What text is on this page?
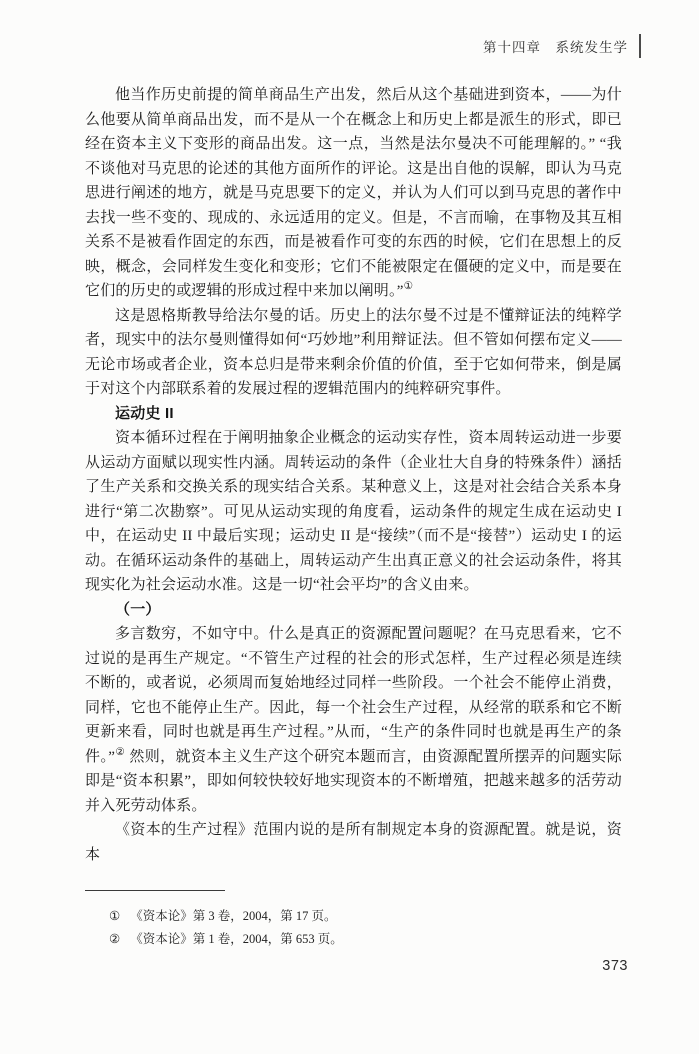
第十四章　系统发生学

他当作历史前提的简单商品生产出发，然后从这个基础进到资本，——为什么他要从简单商品出发，而不是从一个在概念上和历史上都是派生的形式，即已经在资本主义下变形的商品出发。这一点，当然是法尔曼决不可能理解的。” “我不谈他对马克思的论述的其他方面所作的评论。这是出自他的误解，即认为马克思进行阐述的地方，就是马克思要下的定义，并认为人们可以到马克思的著作中去找一些不变的、现成的、永远适用的定义。但是，不言而喻，在事物及其互相关系不是被看作固定的东西，而是被看作可变的东西的时候，它们在思想上的反映，概念，会同样发生变化和变形；它们不能被限定在僵硬的定义中，而是要在它们的历史的或逻辑的形成过程中来加以阐明。”①

这是恩格斯教导给法尔曼的话。历史上的法尔曼不过是不懂辩证法的纯粹学者，现实中的法尔曼则懂得如何“巧妙地”利用辩证法。但不管如何摆布定义——无论市场或者企业，资本总归是带来剩余价值的价值，至于它如何带来，倒是属于对这个内部联系着的发展过程的逻辑范围内的纯粹研究事件。

运动史 II

资本循环过程在于阐明抽象企业概念的运动实存性，资本周转运动进一步要从运动方面赋以现实性内涵。周转运动的条件（企业壮大自身的特殊条件）涵括了生产关系和交换关系的现实结合关系。某种意义上，这是对社会结合关系本身进行“第二次勘察”。可见从运动实现的角度看，运动条件的规定生成在运动史 I 中，在运动史 II 中最后实现；运动史 II 是“接续”（而不是“接替”）运动史 I 的运动。在循环运动条件的基础上，周转运动产生出真正意义的社会运动条件，将其现实化为社会运动水准。这是一切“社会平均”的含义由来。

（一）

多言数穷，不如守中。什么是真正的资源配置问题呢？在马克思看来，它不过说的是再生产规定。“不管生产过程的社会的形式怎样，生产过程必须是连续不断的，或者说，必须周而复始地经过同样一些阶段。一个社会不能停止消费，同样，它也不能停止生产。因此，每一个社会生产过程，从经常的联系和它不断更新来看，同时也就是再生产过程。”从而，“生产的条件同时也就是再生产的条件。”② 然则，就资本主义生产这个研究本题而言，由资源配置所摆弄的问题实际即是“资本积累”，即如何较快较好地实现资本的不断增殖，把越来越多的活劳动并入死劳动体系。

《资本的生产过程》范围内说的是所有制规定本身的资源配置。就是说，资本

① 《资本论》第 3 卷，2004，第 17 页。
② 《资本论》第 1 卷，2004，第 653 页。
373
